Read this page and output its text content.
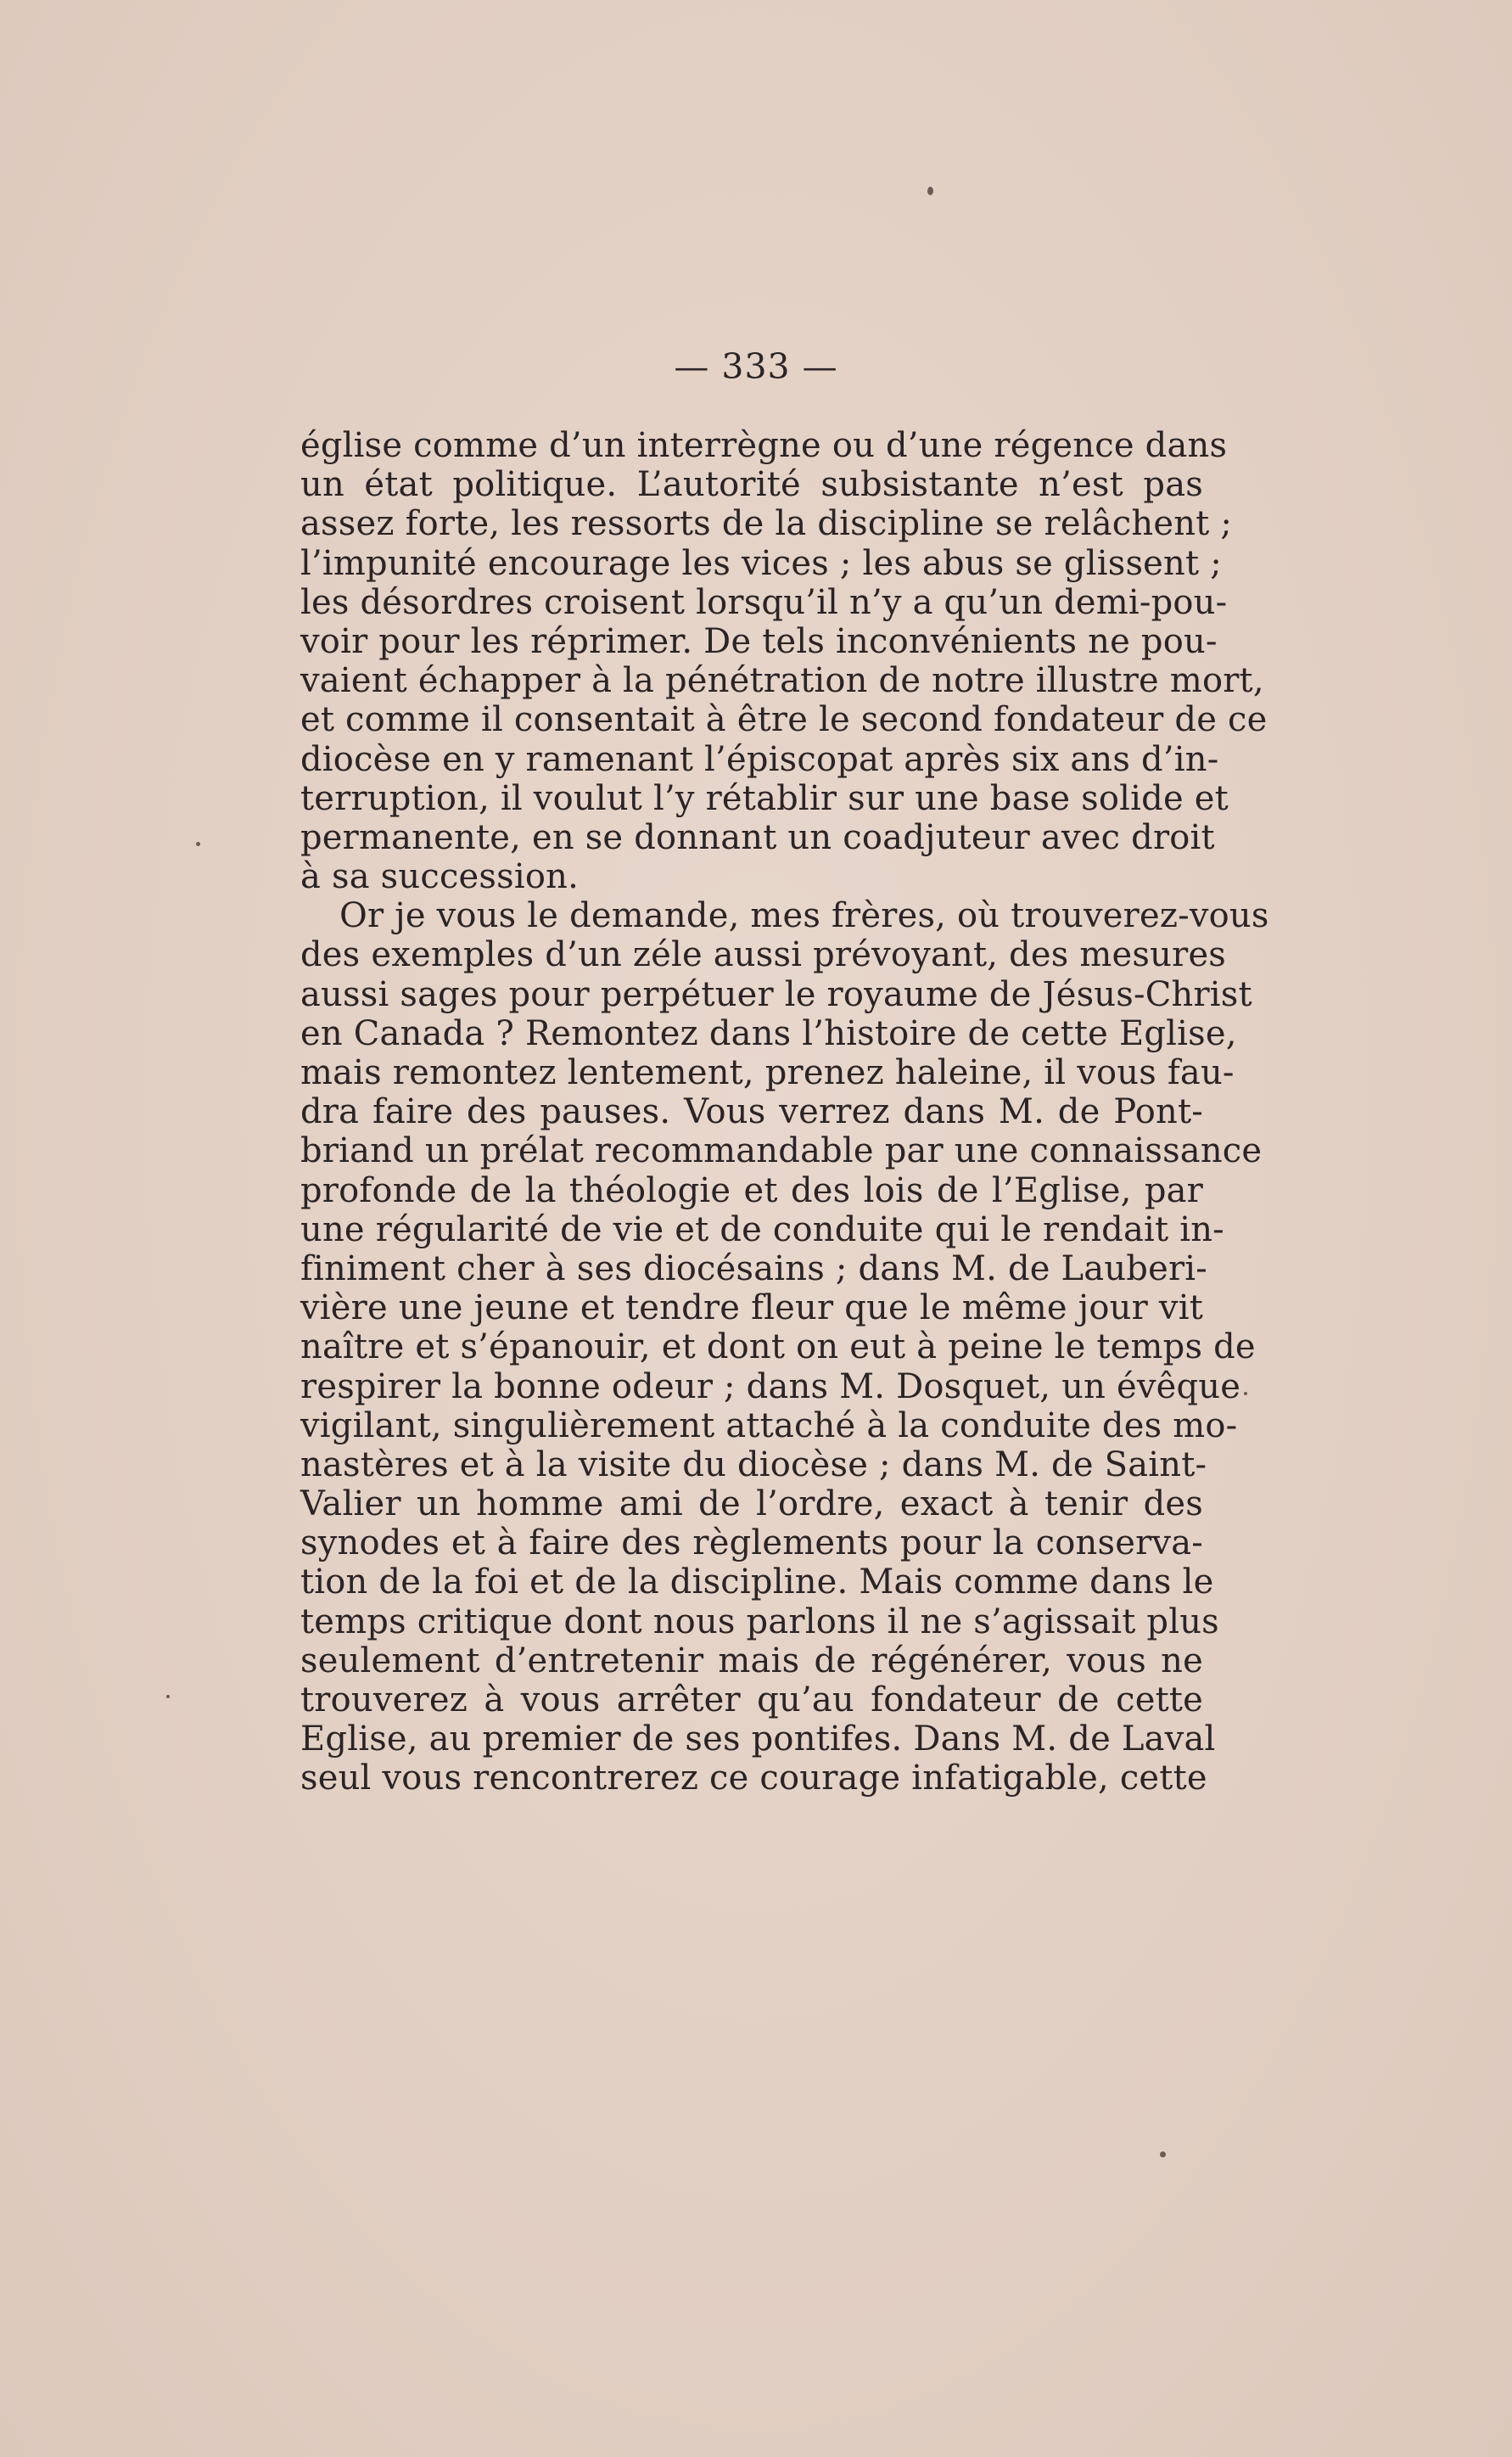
— 333 —
église comme d’un interrègne ou d’une régence dans
un état politique. L’autorité subsistante n’est pas
assez forte, les ressorts de la discipline se relâchent ;
l’impunité encourage les vices ; les abus se glissent ;
les désordres croisent lorsqu’il n’y a qu’un demi-pou-
voir pour les réprimer. De tels inconvénients ne pou-
vaient échapper à la pénétration de notre illustre mort,
et comme il consentait à être le second fondateur de ce
diocèse en y ramenant l’épiscopat après six ans d’in-
terruption, il voulut l’y rétablir sur une base solide et
permanente, en se donnant un coadjuteur avec droit
à sa succession.
Or je vous le demande, mes frères, où trouverez-vous
des exemples d’un zéle aussi prévoyant, des mesures
aussi sages pour perpétuer le royaume de Jésus-Christ
en Canada ? Remontez dans l’histoire de cette Eglise,
mais remontez lentement, prenez haleine, il vous fau-
dra faire des pauses. Vous verrez dans M. de Pont-
briand un prélat recommandable par une connaissance
profonde de la théologie et des lois de l’Eglise, par
une régularité de vie et de conduite qui le rendait in-
finiment cher à ses diocésains ; dans M. de Lauberi-
vière une jeune et tendre fleur que le même jour vit
naître et s’épanouir, et dont on eut à peine le temps de
respirer la bonne odeur ; dans M. Dosquet, un évêque
vigilant, singulièrement attaché à la conduite des mo-
nastères et à la visite du diocèse ; dans M. de Saint-
Valier un homme ami de l’ordre, exact à tenir des
synodes et à faire des règlements pour la conserva-
tion de la foi et de la discipline. Mais comme dans le
temps critique dont nous parlons il ne s’agissait plus
seulement d’entretenir mais de régénérer, vous ne
trouverez à vous arrêter qu’au fondateur de cette
Eglise, au premier de ses pontifes. Dans M. de Laval
seul vous rencontrerez ce courage infatigable, cette
